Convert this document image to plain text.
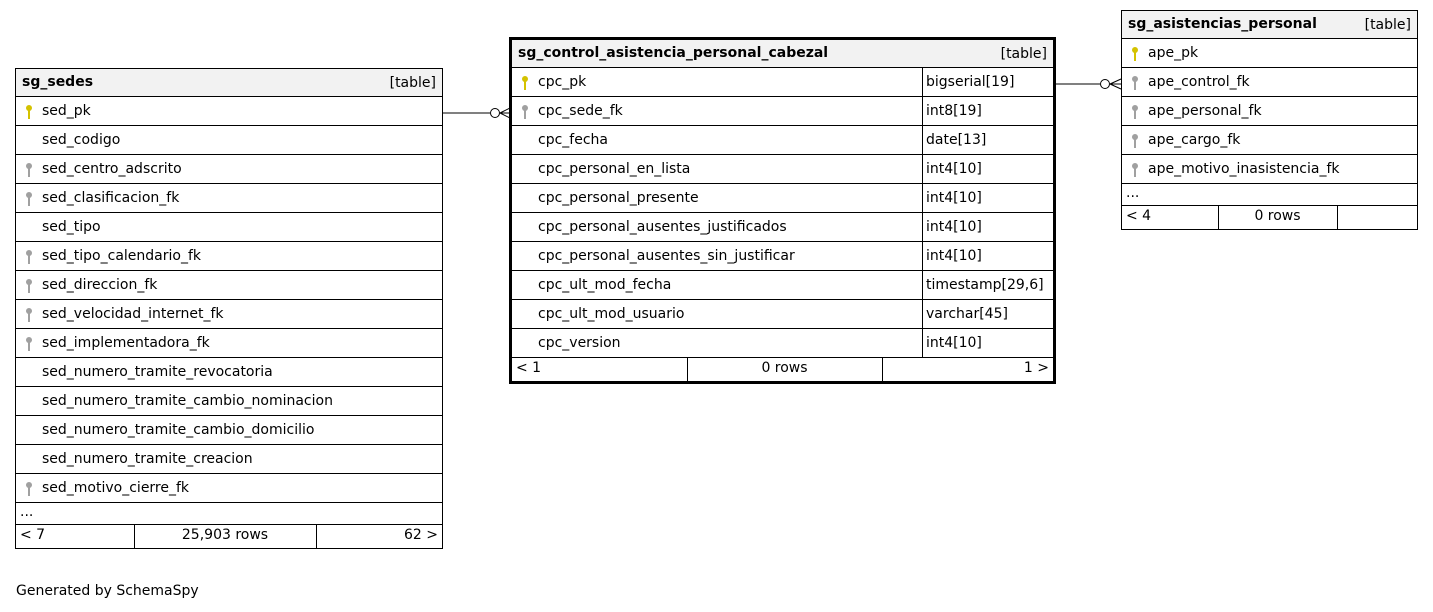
sg_sedes	[table]
sed_pk
sed_codigo
sed_centro_adscrito
sed_clasificacion_fk
sed_tipo
sed_tipo_calendario_fk
sed_direccion_fk
sed_velocidad_internet_fk
sed_implementadora_fk
sed_numero_tramite_revocatoria
sed_numero_tramite_cambio_nominacion
sed_numero_tramite_cambio_domicilio
sed_numero_tramite_creacion
sed_motivo_cierre_fk
...
< 7	25,903 rows	62 >
sg_control_asistencia_personal_cabezal	[table]
cpc_pk	bigserial[19]
cpc_sede_fk	int8[19]
cpc_fecha	date[13]
cpc_personal_en_lista	int4[10]
cpc_personal_presente	int4[10]
cpc_personal_ausentes_justificados	int4[10]
cpc_personal_ausentes_sin_justificar	int4[10]
cpc_ult_mod_fecha	timestamp[29,6]
cpc_ult_mod_usuario	varchar[45]
cpc_version	int4[10]
< 1	0 rows	1 >
sg_asistencias_personal	[table]
ape_pk
ape_control_fk
ape_personal_fk
ape_cargo_fk
ape_motivo_inasistencia_fk
...
< 4	0 rows
Generated by SchemaSpy
